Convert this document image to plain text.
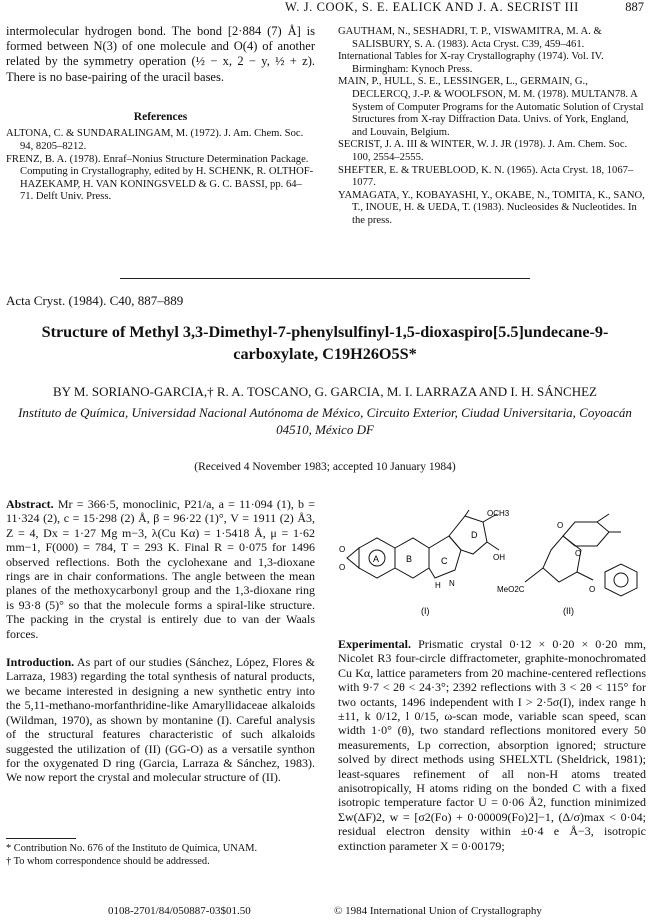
W. J. COOK, S. E. EALICK AND J. A. SECRIST III	887

intermolecular hydrogen bond. The bond [2·884 (7) Å] is formed between N(3) of one molecule and O(4) of another related by the symmetry operation (½ − x, 2 − y, ½ + z). There is no base-pairing of the uracil bases.

References

ALTONA, C. & SUNDARALINGAM, M. (1972). J. Am. Chem. Soc. 94, 8205–8212.

FRENZ, B. A. (1978). Enraf–Nonius Structure Determination Package. Computing in Crystallography, edited by H. SCHENK, R. OLTHOF-HAZEKAMP, H. VAN KONINGSVELD & G. C. BASSI, pp. 64–71. Delft Univ. Press.

GAUTHAM, N., SESHADRI, T. P., VISWAMITRA, M. A. & SALISBURY, S. A. (1983). Acta Cryst. C39, 459–461.

International Tables for X-ray Crystallography (1974). Vol. IV. Birmingham: Kynoch Press.

MAIN, P., HULL, S. E., LESSINGER, L., GERMAIN, G., DECLERCQ, J.-P. & WOOLFSON, M. M. (1978). MULTAN78. A System of Computer Programs for the Automatic Solution of Crystal Structures from X-ray Diffraction Data. Univs. of York, England, and Louvain, Belgium.

SECRIST, J. A. III & WINTER, W. J. JR (1978). J. Am. Chem. Soc. 100, 2554–2555.

SHEFTER, E. & TRUEBLOOD, K. N. (1965). Acta Cryst. 18, 1067–1077.

YAMAGATA, Y., KOBAYASHI, Y., OKABE, N., TOMITA, K., SANO, T., INOUE, H. & UEDA, T. (1983). Nucleosides & Nucleotides. In the press.

Acta Cryst. (1984). C40, 887–889
Structure of Methyl 3,3-Dimethyl-7-phenylsulfinyl-1,5-dioxaspiro[5.5]undecane-9-carboxylate, C19H26O5S*
BY M. SORIANO-GARCIA,† R. A. TOSCANO, G. GARCIA, M. I. LARRAZA AND I. H. SÁNCHEZ
Instituto de Química, Universidad Nacional Autónoma de México, Circuito Exterior, Ciudad Universitaria, Coyoacán 04510, México DF
(Received 4 November 1983; accepted 10 January 1984)

Abstract. Mr = 366·5, monoclinic, P21/a, a = 11·094 (1), b = 11·324 (2), c = 15·298 (2) Å, β = 96·22 (1)°, V = 1911 (2) Å3, Z = 4, Dx = 1·27 Mg m−3, λ(Cu Kα) = 1·5418 Å, μ = 1·62 mm−1, F(000) = 784, T = 293 K. Final R = 0·075 for 1496 observed reflections. Both the cyclohexane and 1,3-dioxane rings are in chair conformations. The angle between the mean planes of the methoxycarbonyl group and the 1,3-dioxane ring is 93·8 (5)° so that the molecule forms a spiral-like structure. The packing in the crystal is entirely due to van der Waals forces.

Introduction. As part of our studies (Sánchez, López, Flores & Larraza, 1983) regarding the total synthesis of natural products, we became interested in designing a new synthetic entry into the 5,11-methano-morfanthridine-like Amaryllidaceae alkaloids (Wildman, 1970), as shown by montanine (I). Careful analysis of the structural features characteristic of such alkaloids suggested the utilization of (II) (GG-O) as a versatile synthon for the oxygenated D ring (Garcia, Larraza & Sánchez, 1983). We now report the crystal and molecular structure of (II).

A	B	C
D
O
O
N
H
OCH3
OH
MeO2C
O
O
O
(I)	(II)

Experimental. Prismatic crystal 0·12 × 0·20 × 0·20 mm, Nicolet R3 four-circle diffractometer, graphite-monochromated Cu Kα, lattice parameters from 20 machine-centered reflections with 9·7 < 2θ < 24·3°; 2392 reflections with 3 < 2θ < 115° for two octants, 1496 independent with I > 2·5σ(I), index range h ±11, k 0/12, l 0/15, ω-scan mode, variable scan speed, scan width 1·0° (θ), two standard reflections monitored every 50 measurements, Lp correction, absorption ignored; structure solved by direct methods using SHELXTL (Sheldrick, 1981); least-squares refinement of all non-H atoms treated anisotropically, H atoms riding on the bonded C with a fixed isotropic temperature factor U = 0·06 Å2, function minimized Σw(ΔF)2, w = [σ2(Fo) + 0·00009(Fo)2]−1, (Δ/σ)max < 0·04; residual electron density within ±0·4 e Å−3, isotropic extinction parameter X = 0·00179;

* Contribution No. 676 of the Instituto de Química, UNAM.
† To whom correspondence should be addressed.
0108-2701/84/050887-03$01.50	© 1984 International Union of Crystallography
